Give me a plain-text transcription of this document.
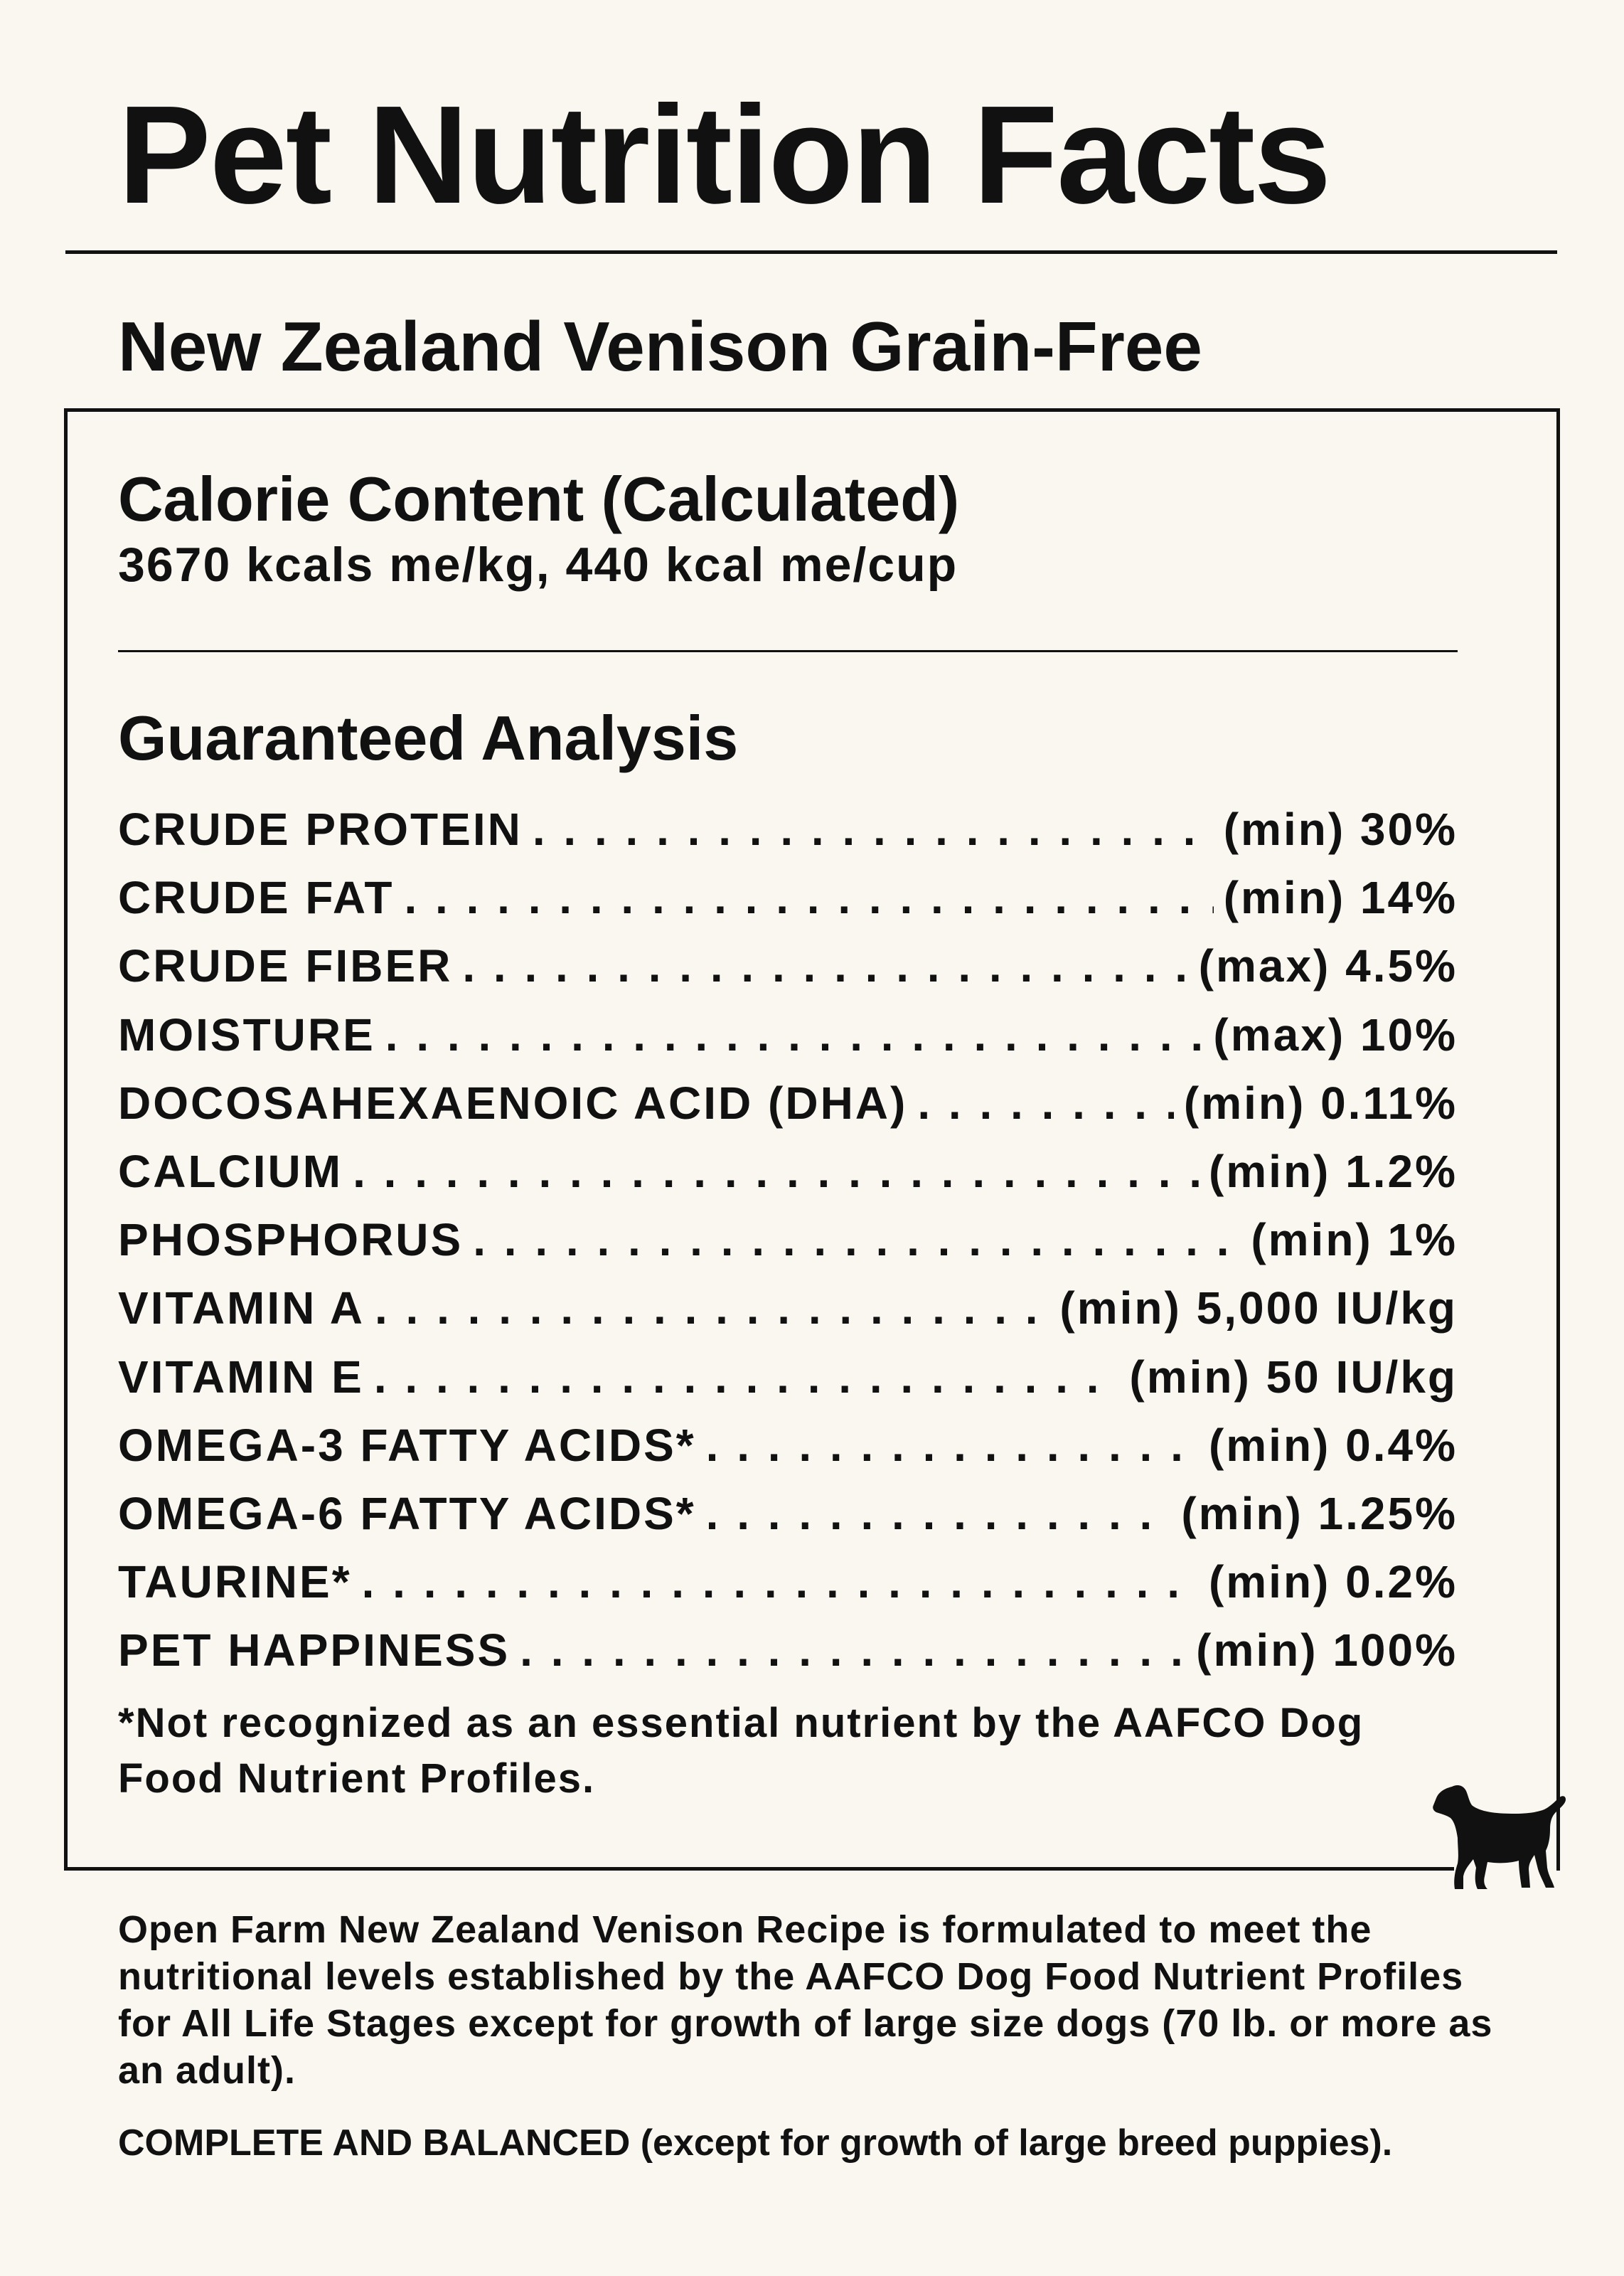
Pet Nutrition Facts
New Zealand Venison Grain-Free
Calorie Content (Calculated)

3670 kcals me/kg, 440 kcal me/cup

Guaranteed Analysis
CRUDE PROTEIN . . .	(min) 30%
CRUDE FAT . . .	(min) 14%
CRUDE FIBER . . .	(max) 4.5%
MOISTURE . . .	(max) 10%
DOCOSAHEXAENOIC ACID (DHA) . . .	(min) 0.11%
CALCIUM . . .	(min) 1.2%
PHOSPHORUS . . .	(min) 1%
VITAMIN A . . .	(min) 5,000 IU/kg
VITAMIN E . . .	(min) 50 IU/kg
OMEGA-3 FATTY ACIDS* . . .	(min) 0.4%
OMEGA-6 FATTY ACIDS* . . .	(min) 1.25%
TAURINE* . . .	(min) 0.2%
PET HAPPINESS . . .	(min) 100%

*Not recognized as an essential nutrient by the AAFCO Dog Food Nutrient Profiles.

Open Farm New Zealand Venison Recipe is formulated to meet the nutritional levels established by the AAFCO Dog Food Nutrient Profiles for All Life Stages except for growth of large size dogs (70 lb. or more as an adult).

COMPLETE AND BALANCED (except for growth of large breed puppies).
